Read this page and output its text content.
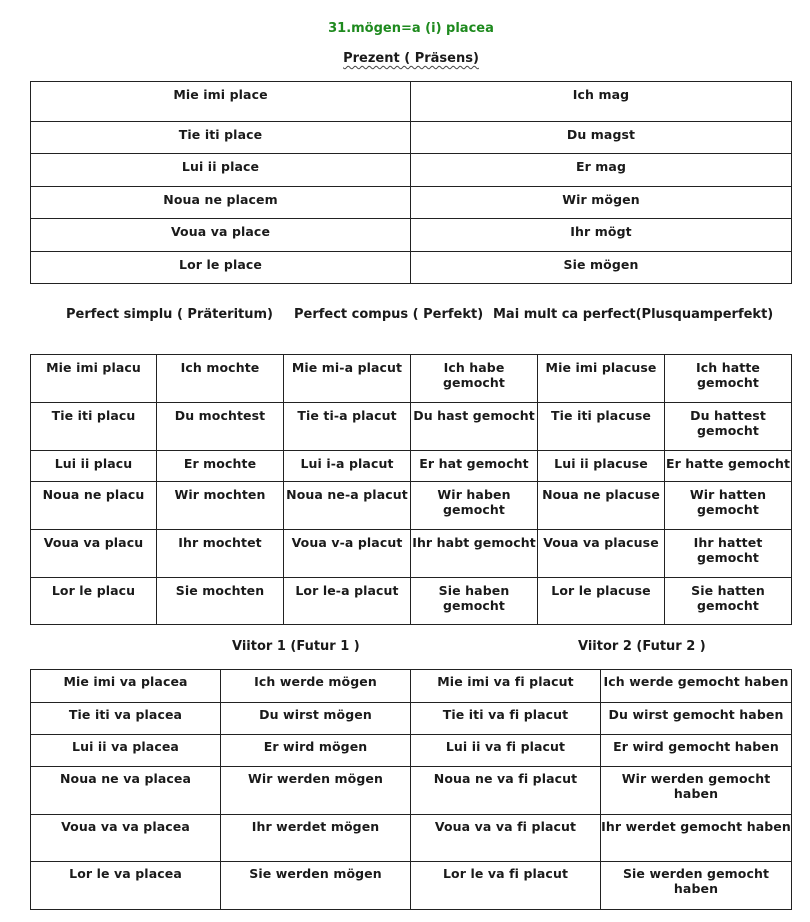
31.mögen=a (i) placea
Prezent ( Präsens)
Mie imi place	Ich mag
Tie iti place	Du magst
Lui ii place	Er mag
Noua ne placem	Wir mögen
Voua va place	Ihr mögt
Lor le place	Sie mögen
Perfect simplu ( Präteritum) Perfect compus ( Perfekt) Mai mult ca perfect(Plusquamperfekt)
Mie imi placu	Ich mochte	Mie mi-a placut	Ich habe gemocht	Mie imi placuse	Ich hatte gemocht
Tie iti placu	Du mochtest	Tie ti-a placut	Du hast gemocht	Tie iti placuse	Du hattest gemocht
Lui ii placu	Er mochte	Lui i-a placut	Er hat gemocht	Lui ii placuse	Er hatte gemocht
Noua ne placu	Wir mochten	Noua ne-a placut	Wir haben gemocht	Noua ne placuse	Wir hatten gemocht
Voua va placu	Ihr mochtet	Voua v-a placut	Ihr habt gemocht	Voua va placuse	Ihr hattet gemocht
Lor le placu	Sie mochten	Lor le-a placut	Sie haben gemocht	Lor le placuse	Sie hatten gemocht
Viitor 1 (Futur 1 )	Viitor 2 (Futur 2 )
Mie imi va placea	Ich werde mögen	Mie imi va fi placut	Ich werde gemocht haben
Tie iti va placea	Du wirst mögen	Tie iti va fi placut	Du wirst gemocht haben
Lui ii va placea	Er wird mögen	Lui ii va fi placut	Er wird gemocht haben
Noua ne va placea	Wir werden mögen	Noua ne va fi placut	Wir werden gemocht haben
Voua va va placea	Ihr werdet mögen	Voua va va fi placut	Ihr werdet gemocht haben
Lor le va placea	Sie werden mögen	Lor le va fi placut	Sie werden gemocht haben
